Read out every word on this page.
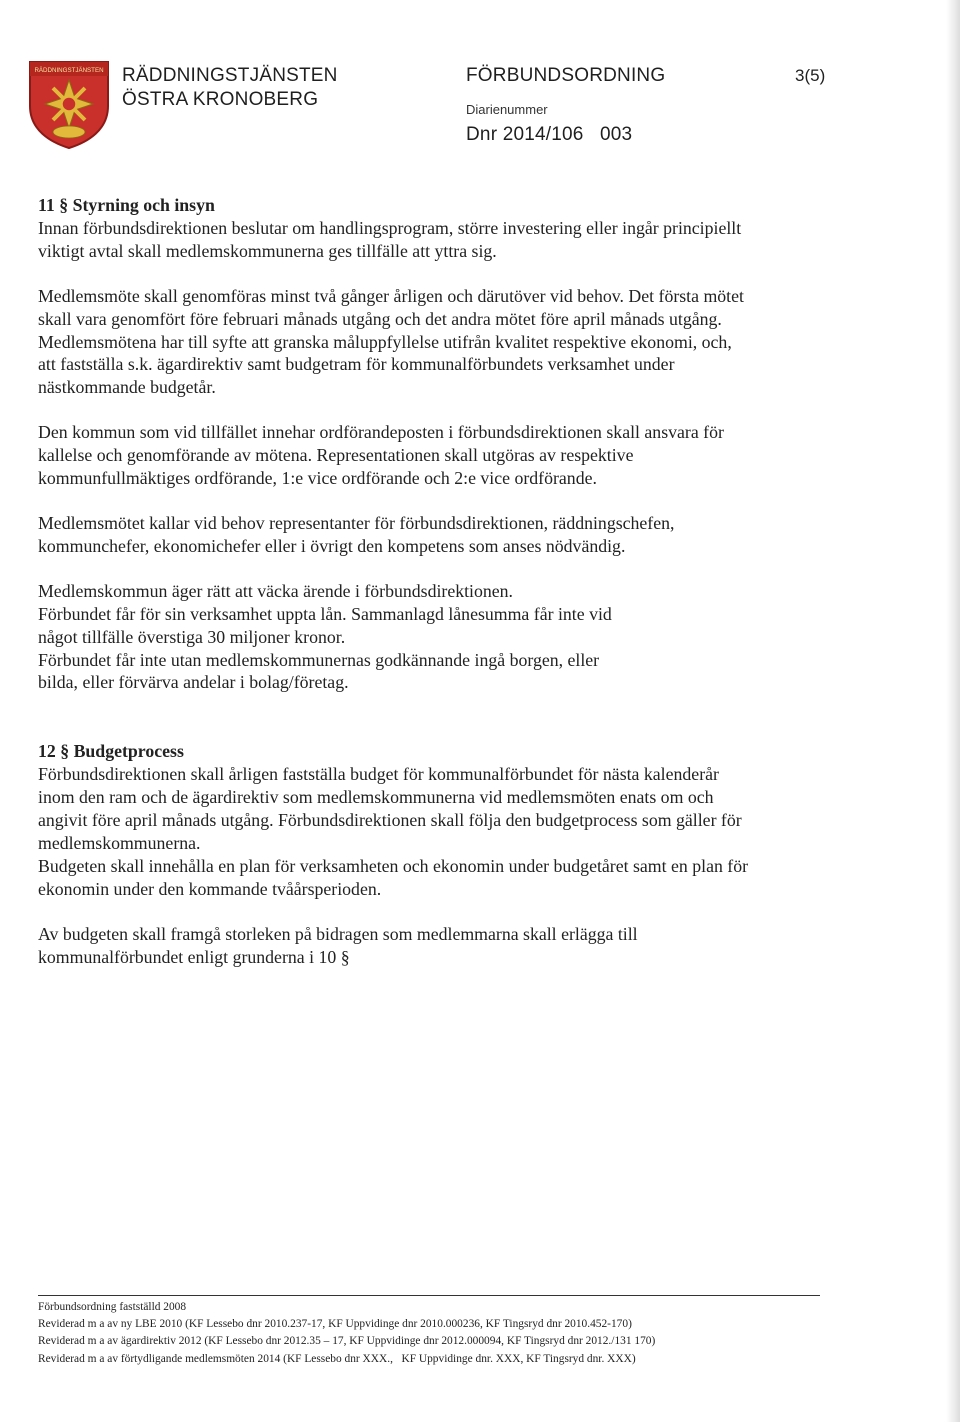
RÄDDNINGSTJÄNSTEN RÄDDNINGSTJÄNSTEN
ÖSTRA KRONOBERG
FÖRBUNDSORDNING	3(5)
Diarienummer
Dnr 2014/106   003

11 § Styrning och insyn

Innan förbundsdirektionen beslutar om handlingsprogram, större investering eller ingår principiellt
viktigt avtal skall medlemskommunerna ges tillfälle att yttra sig.

Medlemsmöte skall genomföras minst två gånger årligen och därutöver vid behov. Det första mötet
skall vara genomfört före februari månads utgång och det andra mötet före april månads utgång.
Medlemsmötena har till syfte att granska måluppfyllelse utifrån kvalitet respektive ekonomi, och,
att fastställa s.k. ägardirektiv samt budgetram för kommunalförbundets verksamhet under
nästkommande budgetår.

Den kommun som vid tillfället innehar ordförandeposten i förbundsdirektionen skall ansvara för
kallelse och genomförande av mötena. Representationen skall utgöras av respektive
kommunfullmäktiges ordförande, 1:e vice ordförande och 2:e vice ordförande.

Medlemsmötet kallar vid behov representanter för förbundsdirektionen, räddningschefen,
kommunchefer, ekonomichefer eller i övrigt den kompetens som anses nödvändig.

Medlemskommun äger rätt att väcka ärende i förbundsdirektionen.
Förbundet får för sin verksamhet uppta lån. Sammanlagd lånesumma får inte vid
något tillfälle överstiga 30 miljoner kronor.
Förbundet får inte utan medlemskommunernas godkännande ingå borgen, eller
bilda, eller förvärva andelar i bolag/företag.

12 § Budgetprocess

Förbundsdirektionen skall årligen fastställa budget för kommunalförbundet för nästa kalenderår
inom den ram och de ägardirektiv som medlemskommunerna vid medlemsmöten enats om och
angivit före april månads utgång. Förbundsdirektionen skall följa den budgetprocess som gäller för
medlemskommunerna.
Budgeten skall innehålla en plan för verksamheten och ekonomin under budgetåret samt en plan för
ekonomin under den kommande tvåårsperioden.

Av budgeten skall framgå storleken på bidragen som medlemmarna skall erlägga till
kommunalförbundet enligt grunderna i 10 §

Förbundsordning fastställd 2008
Reviderad m a av ny LBE 2010 (KF Lessebo dnr 2010.237-17, KF Uppvidinge dnr 2010.000236, KF Tingsryd dnr 2010.452-170)
Reviderad m a av ägardirektiv 2012 (KF Lessebo dnr 2012.35 – 17, KF Uppvidinge dnr 2012.000094, KF Tingsryd dnr 2012./131 170)
Reviderad m a av förtydligande medlemsmöten 2014 (KF Lessebo dnr XXX.,   KF Uppvidinge dnr. XXX, KF Tingsryd dnr. XXX)
